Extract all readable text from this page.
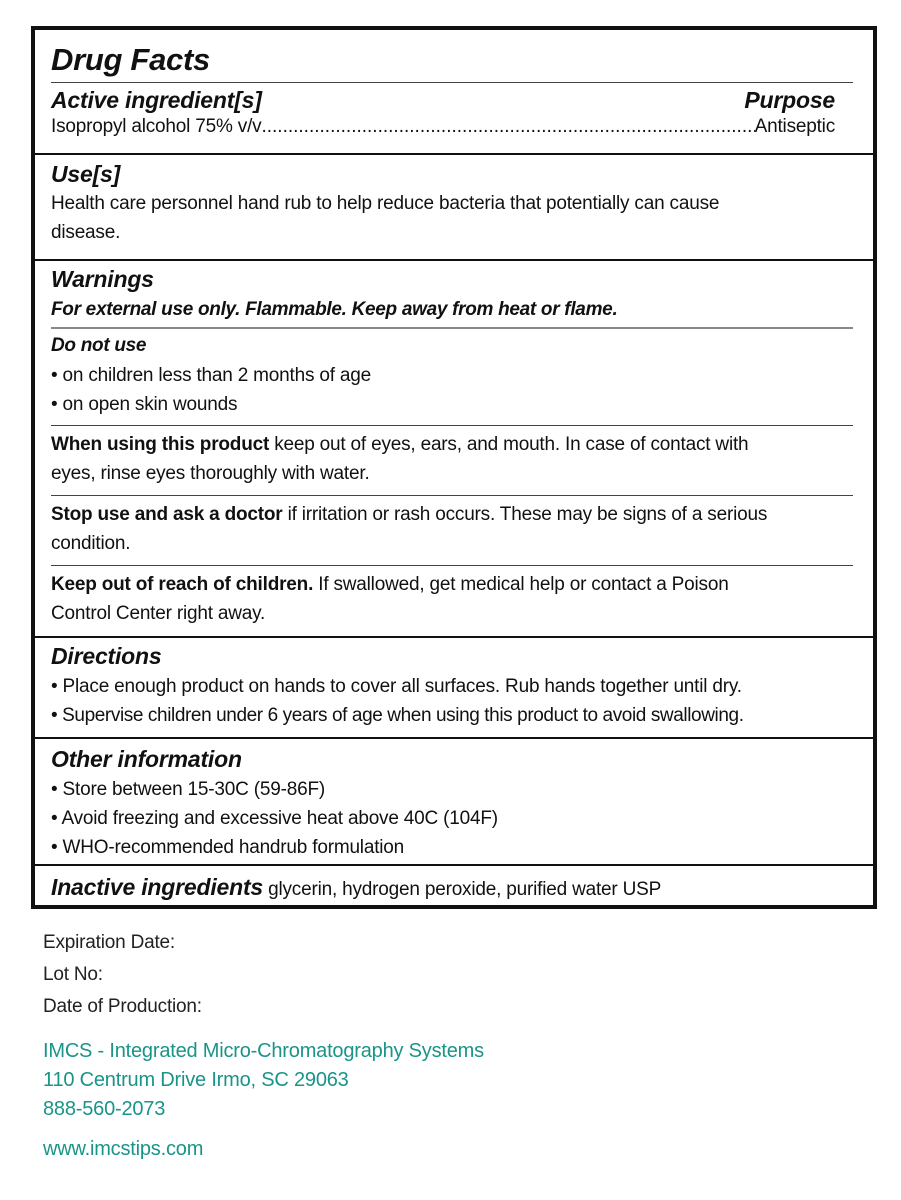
Drug Facts
Active ingredient[s]	Purpose
Isopropyl alcohol 75% v/v .....	Antiseptic
Use[s]
Health care personnel hand rub to help reduce bacteria that potentially can cause
disease.
Warnings
For external use only. Flammable. Keep away from heat or flame.
Do not use
• on children less than 2 months of age
• on open skin wounds
When using this product keep out of eyes, ears, and mouth. In case of contact with
eyes, rinse eyes thoroughly with water.
Stop use and ask a doctor if irritation or rash occurs. These may be signs of a serious
condition.
Keep out of reach of children. If swallowed, get medical help or contact a Poison
Control Center right away.
Directions
• Place enough product on hands to cover all surfaces. Rub hands together until dry.
• Supervise children under 6 years of age when using this product to avoid swallowing.
Other information
• Store between 15-30C (59-86F)
• Avoid freezing and excessive heat above 40C (104F)
• WHO-recommended handrub formulation
Inactive ingredients glycerin, hydrogen peroxide, purified water USP
Expiration Date:
Lot No:
Date of Production:
IMCS - Integrated Micro-Chromatography Systems
110 Centrum Drive Irmo, SC 29063
888-560-2073
www.imcstips.com
